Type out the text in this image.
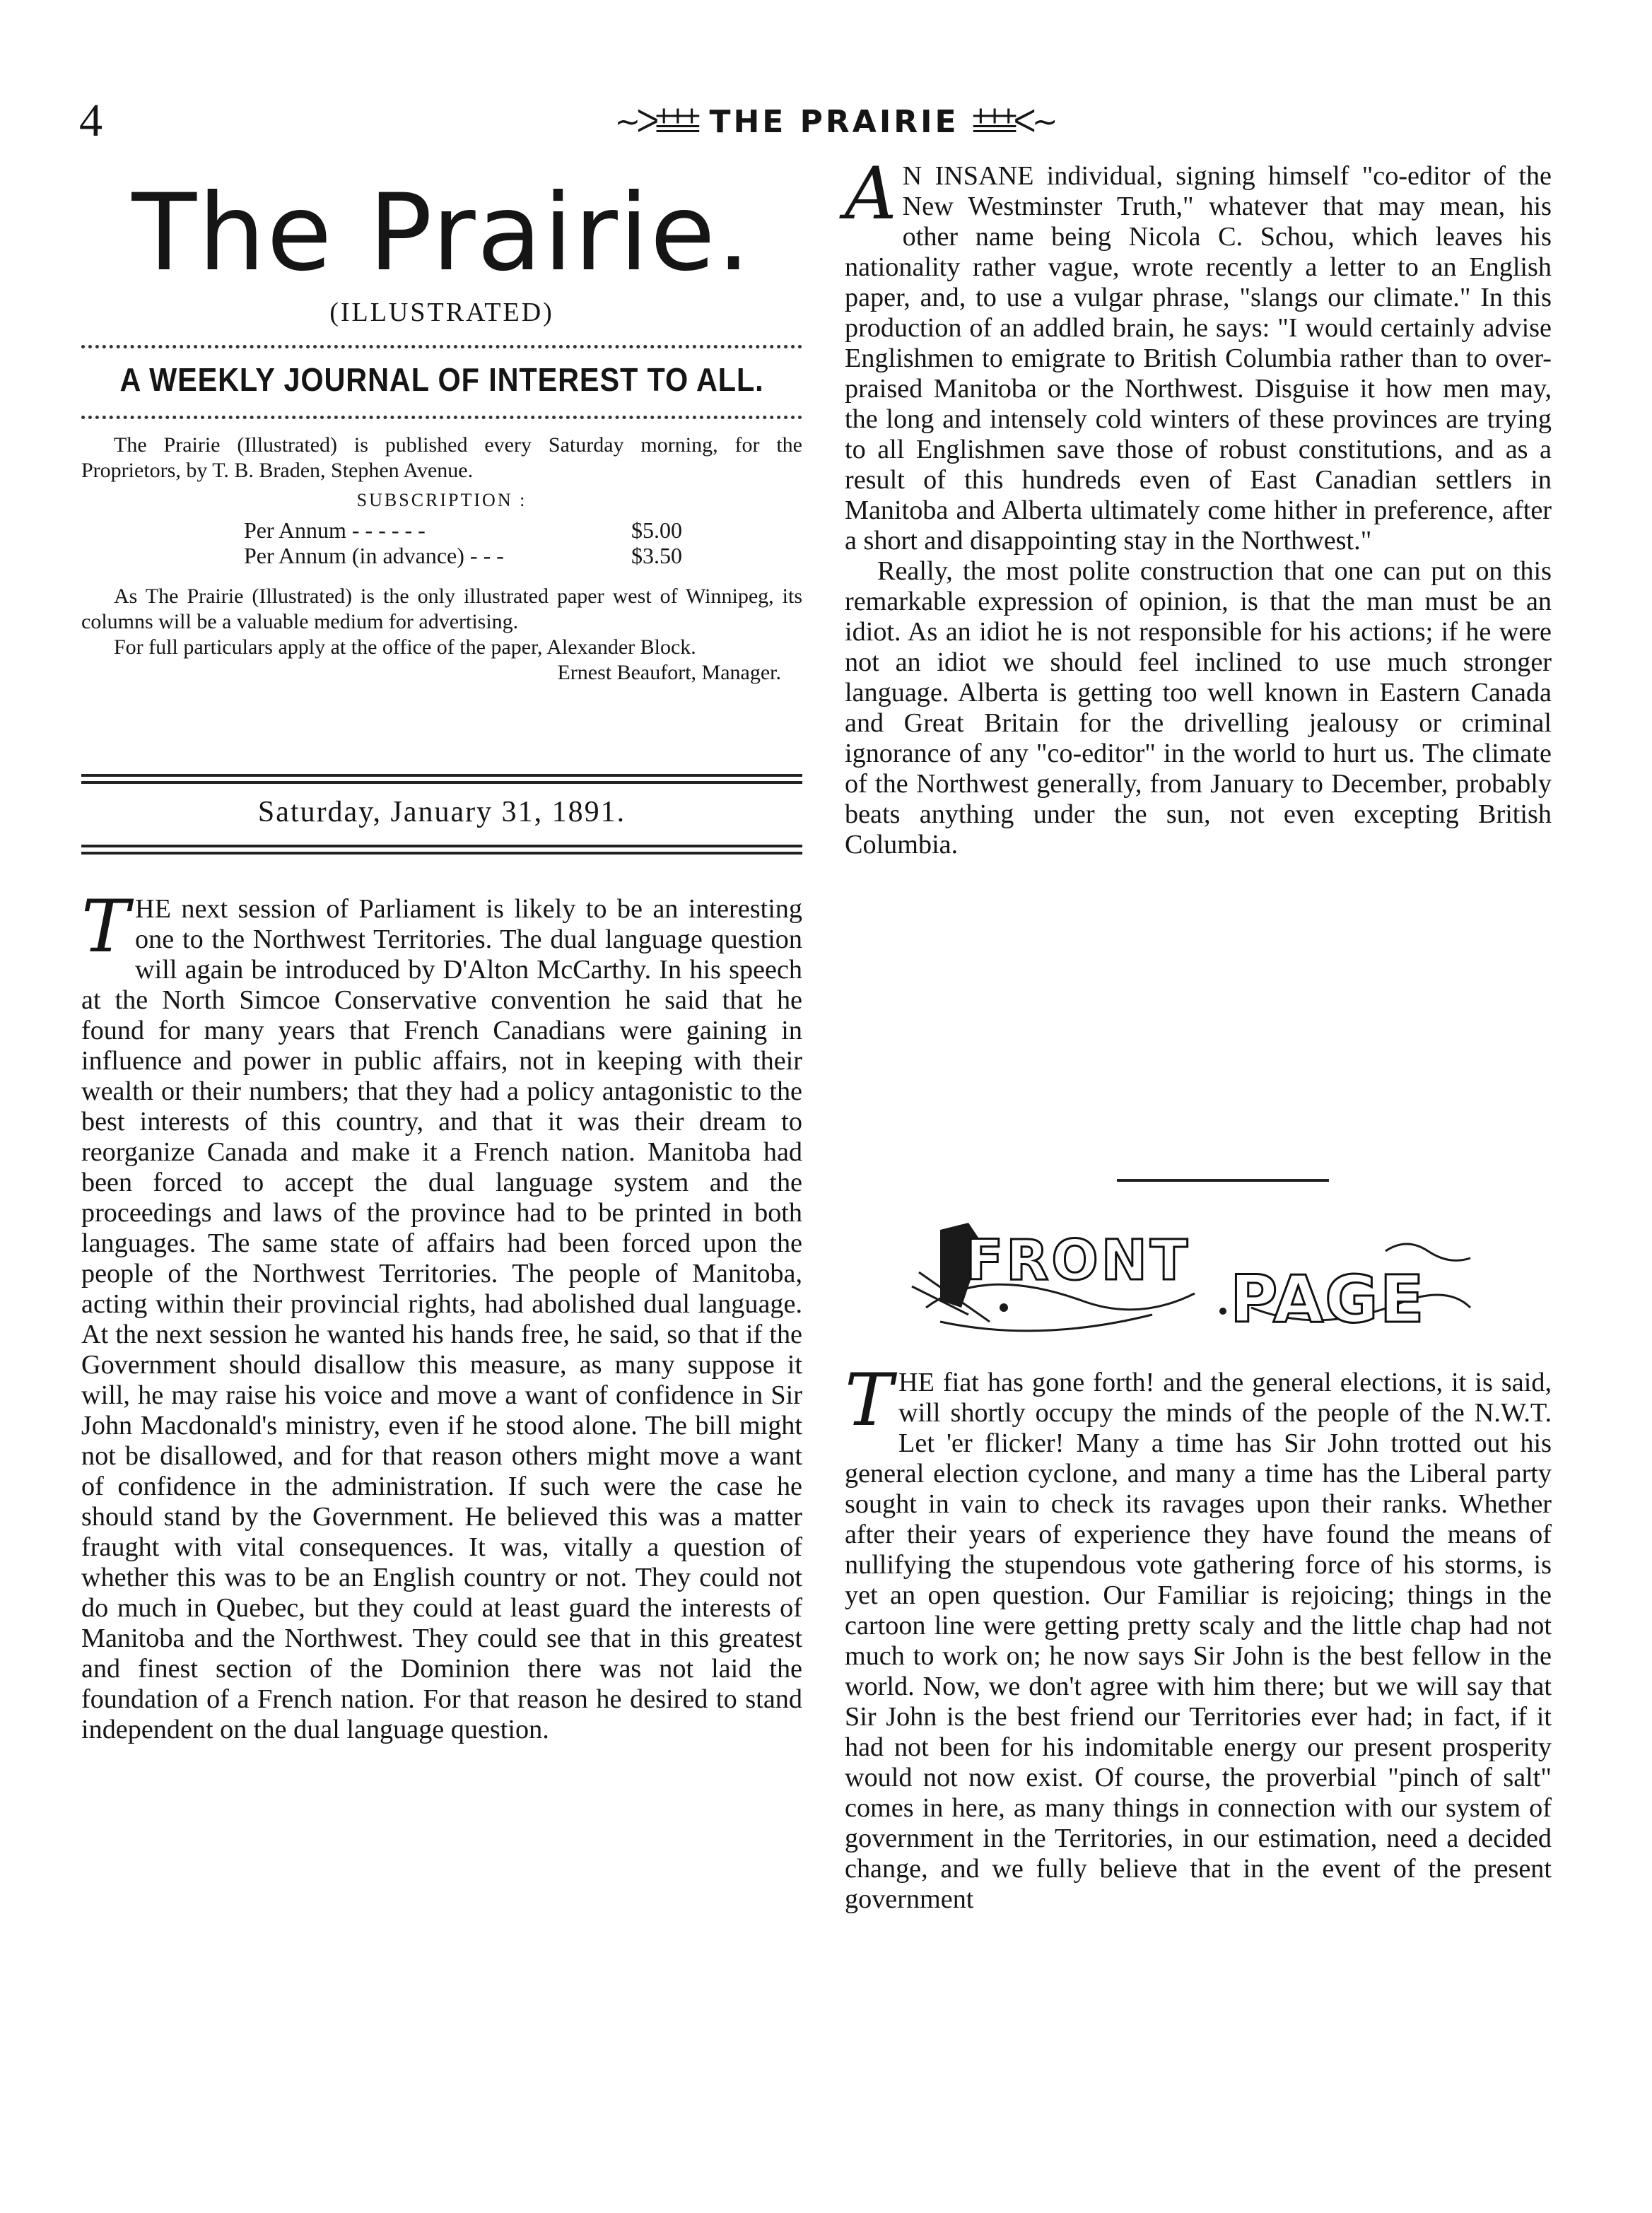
4	~ᐳ⩲⩲⩲ THE PRAIRIE ⩲⩲⩲ᐸ~
The Prairie.
(ILLUSTRATED)
A WEEKLY JOURNAL OF INTEREST TO ALL.

The Prairie (Illustrated) is published every Saturday morning, for the Proprietors, by T. B. Braden, Stephen Avenue.

SUBSCRIPTION :
Per Annum - - - - - -	$5.00
Per Annum (in advance) - - -	$3.50

As The Prairie (Illustrated) is the only illustrated paper west of Winnipeg, its columns will be a valuable medium for advertising.

For full particulars apply at the office of the paper, Alexander Block.

Ernest Beaufort, Manager.
Saturday, January 31, 1891.
T HE next session of Parliament is likely to be an interesting one to the Northwest Territories. The dual language question will again be introduced by D'Alton McCarthy. In his speech at the North Simcoe Conservative convention he said that he found for many years that French Canadians were gaining in influence and power in public affairs, not in keeping with their wealth or their numbers; that they had a policy antagonistic to the best interests of this country, and that it was their dream to reorganize Canada and make it a French nation. Manitoba had been forced to accept the dual language system and the proceedings and laws of the province had to be printed in both languages. The same state of affairs had been forced upon the people of the Northwest Territories. The people of Manitoba, acting within their provincial rights, had abolished dual language. At the next session he wanted his hands free, he said, so that if the Government should disallow this measure, as many suppose it will, he may raise his voice and move a want of confidence in Sir John Macdonald's ministry, even if he stood alone. The bill might not be disallowed, and for that reason others might move a want of confidence in the administration. If such were the case he should stand by the Government. He believed this was a matter fraught with vital consequences. It was, vitally a question of whether this was to be an English country or not. They could not do much in Quebec, but they could at least guard the interests of Manitoba and the Northwest. They could see that in this greatest and finest section of the Dominion there was not laid the foundation of a French nation. For that reason he desired to stand independent on the dual language question.

A N INSANE individual, signing himself "co-editor of the New Westminster Truth," whatever that may mean, his other name being Nicola C. Schou, which leaves his nationality rather vague, wrote recently a letter to an English paper, and, to use a vulgar phrase, "slangs our climate." In this production of an addled brain, he says: "I would certainly advise Englishmen to emigrate to British Columbia rather than to over-praised Manitoba or the Northwest. Disguise it how men may, the long and intensely cold winters of these provinces are trying to all Englishmen save those of robust constitutions, and as a result of this hundreds even of East Canadian settlers in Manitoba and Alberta ultimately come hither in preference, after a short and disappointing stay in the Northwest."

Really, the most polite construction that one can put on this remarkable expression of opinion, is that the man must be an idiot. As an idiot he is not responsible for his actions; if he were not an idiot we should feel inclined to use much stronger language. Alberta is getting too well known in Eastern Canada and Great Britain for the drivelling jealousy or criminal ignorance of any "co-editor" in the world to hurt us. The climate of the Northwest generally, from January to December, probably beats anything under the sun, not even excepting British Columbia.

FRONT
PAGE
T HE fiat has gone forth! and the general elections, it is said, will shortly occupy the minds of the people of the N.W.T. Let 'er flicker! Many a time has Sir John trotted out his general election cyclone, and many a time has the Liberal party sought in vain to check its ravages upon their ranks. Whether after their years of experience they have found the means of nullifying the stupendous vote gathering force of his storms, is yet an open question. Our Familiar is rejoicing; things in the cartoon line were getting pretty scaly and the little chap had not much to work on; he now says Sir John is the best fellow in the world. Now, we don't agree with him there; but we will say that Sir John is the best friend our Territories ever had; in fact, if it had not been for his indomitable energy our present prosperity would not now exist. Of course, the proverbial "pinch of salt" comes in here, as many things in connection with our system of government in the Territories, in our estimation, need a decided change, and we fully believe that in the event of the present government
